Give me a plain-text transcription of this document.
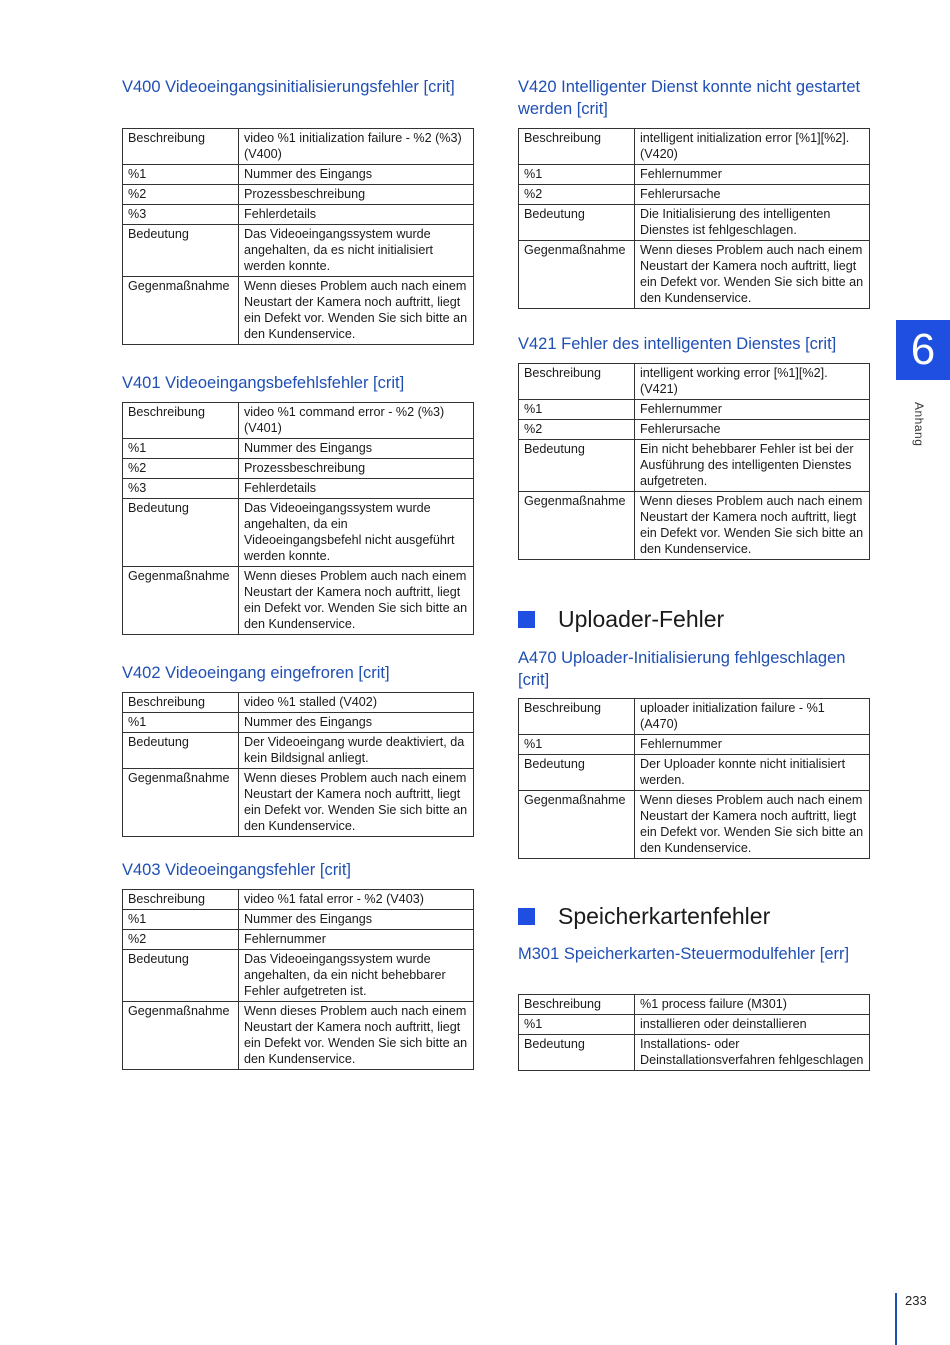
V400 Videoeingangsinitialisierungsfehler [crit]
Beschreibung	video %1 initialization failure - %2 (%3) (V400)
%1	Nummer des Eingangs
%2	Prozessbeschreibung
%3	Fehlerdetails
Bedeutung	Das Videoeingangssystem wurde angehalten, da es nicht initialisiert werden konnte.
Gegenmaßnahme	Wenn dieses Problem auch nach einem Neustart der Kamera noch auftritt, liegt ein Defekt vor. Wenden Sie sich bitte an den Kundenservice.
V401 Videoeingangsbefehlsfehler [crit]
Beschreibung	video %1 command error - %2 (%3) (V401)
%1	Nummer des Eingangs
%2	Prozessbeschreibung
%3	Fehlerdetails
Bedeutung	Das Videoeingangssystem wurde angehalten, da ein Videoeingangsbefehl nicht ausgeführt werden konnte.
Gegenmaßnahme	Wenn dieses Problem auch nach einem Neustart der Kamera noch auftritt, liegt ein Defekt vor. Wenden Sie sich bitte an den Kundenservice.
V402 Videoeingang eingefroren [crit]
Beschreibung	video %1 stalled (V402)
%1	Nummer des Eingangs
Bedeutung	Der Videoeingang wurde deaktiviert, da kein Bildsignal anliegt.
Gegenmaßnahme	Wenn dieses Problem auch nach einem Neustart der Kamera noch auftritt, liegt ein Defekt vor. Wenden Sie sich bitte an den Kundenservice.
V403 Videoeingangsfehler [crit]
Beschreibung	video %1 fatal error - %2 (V403)
%1	Nummer des Eingangs
%2	Fehlernummer
Bedeutung	Das Videoeingangssystem wurde angehalten, da ein nicht behebbarer Fehler aufgetreten ist.
Gegenmaßnahme	Wenn dieses Problem auch nach einem Neustart der Kamera noch auftritt, liegt ein Defekt vor. Wenden Sie sich bitte an den Kundenservice.
V420 Intelligenter Dienst konnte nicht gestartet werden [crit]
Beschreibung	intelligent initialization error [%1][%2]. (V420)
%1	Fehlernummer
%2	Fehlerursache
Bedeutung	Die Initialisierung des intelligenten Dienstes ist fehlgeschlagen.
Gegenmaßnahme	Wenn dieses Problem auch nach einem Neustart der Kamera noch auftritt, liegt ein Defekt vor. Wenden Sie sich bitte an den Kundenservice.
V421 Fehler des intelligenten Dienstes [crit]
Beschreibung	intelligent working error [%1][%2]. (V421)
%1	Fehlernummer
%2	Fehlerursache
Bedeutung	Ein nicht behebbarer Fehler ist bei der Ausführung des intelligenten Dienstes aufgetreten.
Gegenmaßnahme	Wenn dieses Problem auch nach einem Neustart der Kamera noch auftritt, liegt ein Defekt vor. Wenden Sie sich bitte an den Kundenservice.
Uploader-Fehler
A470 Uploader-Initialisierung fehlgeschlagen [crit]
Beschreibung	uploader initialization failure - %1 (A470)
%1	Fehlernummer
Bedeutung	Der Uploader konnte nicht initialisiert werden.
Gegenmaßnahme	Wenn dieses Problem auch nach einem Neustart der Kamera noch auftritt, liegt ein Defekt vor. Wenden Sie sich bitte an den Kundenservice.
Speicherkartenfehler
M301 Speicherkarten-Steuermodulfehler [err]
Beschreibung	%1 process failure (M301)
%1	installieren oder deinstallieren
Bedeutung	Installations- oder Deinstallationsverfahren fehlgeschlagen
6
Anhang
233
